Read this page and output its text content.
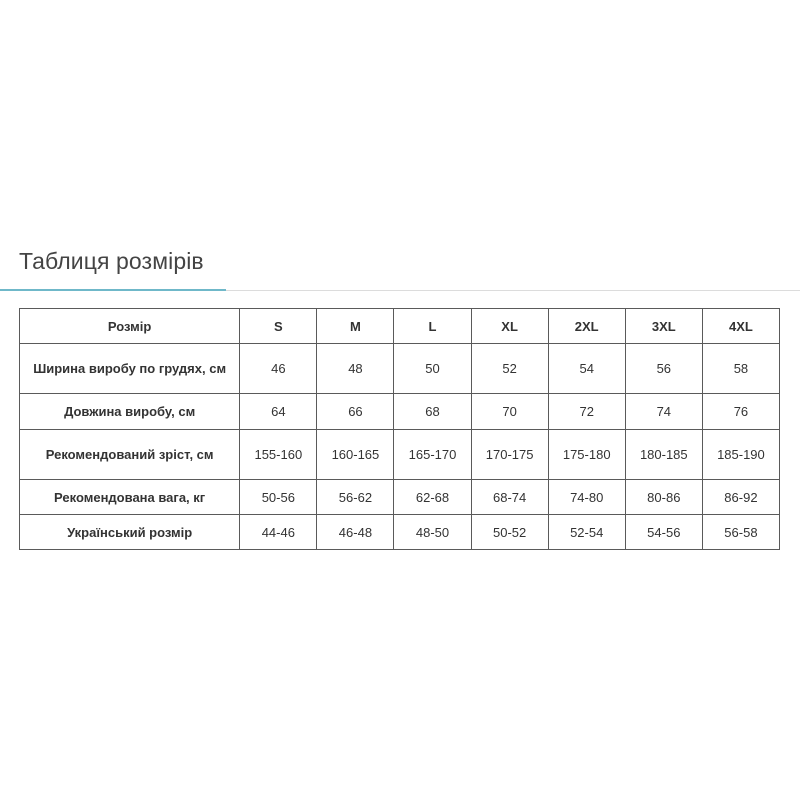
Таблиця розмірів
Розмір	S	M	L	XL	2XL	3XL	4XL
Ширина виробу по грудях, см	46	48	50	52	54	56	58
Довжина виробу, см	64	66	68	70	72	74	76
Рекомендований зріст, см	155-160	160-165	165-170	170-175	175-180	180-185	185-190
Рекомендована вага, кг	50-56	56-62	62-68	68-74	74-80	80-86	86-92
Український розмір	44-46	46-48	48-50	50-52	52-54	54-56	56-58
